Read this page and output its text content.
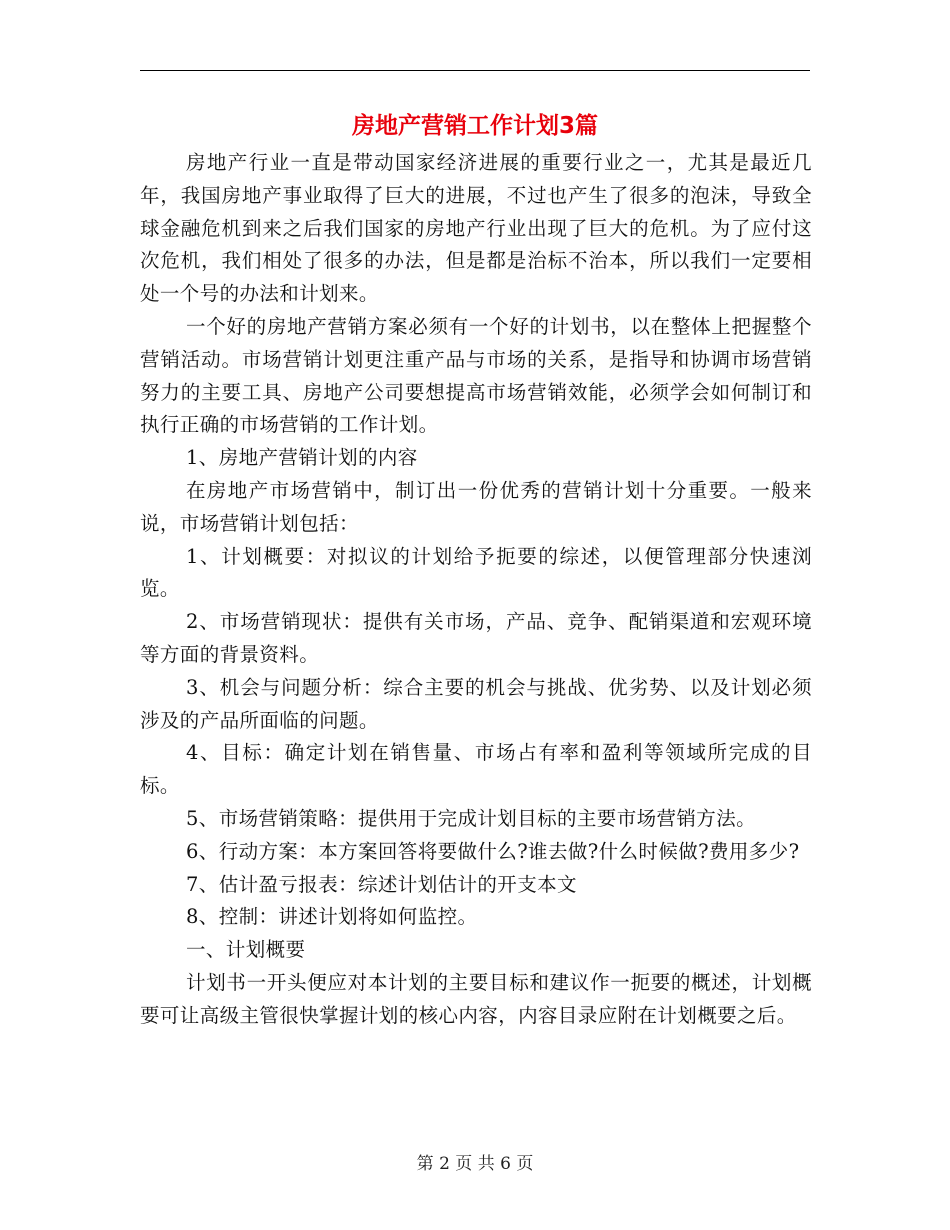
房地产营销工作计划3篇

房地产行业一直是带动国家经济进展的重要行业之一，尤其是最近几年，我国房地产事业取得了巨大的进展，不过也产生了很多的泡沫，导致全球金融危机到来之后我们国家的房地产行业出现了巨大的危机。为了应付这次危机，我们相处了很多的办法，但是都是治标不治本，所以我们一定要相处一个号的办法和计划来。

一个好的房地产营销方案必须有一个好的计划书，以在整体上把握整个营销活动。市场营销计划更注重产品与市场的关系，是指导和协调市场营销努力的主要工具、房地产公司要想提高市场营销效能，必须学会如何制订和执行正确的市场营销的工作计划。

1、房地产营销计划的内容

在房地产市场营销中，制订出一份优秀的营销计划十分重要。一般来说，市场营销计划包括：

1、计划概要：对拟议的计划给予扼要的综述，以便管理部分快速浏览。

2、市场营销现状：提供有关市场，产品、竞争、配销渠道和宏观环境等方面的背景资料。

3、机会与问题分析：综合主要的机会与挑战、优劣势、以及计划必须涉及的产品所面临的问题。

4、目标：确定计划在销售量、市场占有率和盈利等领域所完成的目标。

5、市场营销策略：提供用于完成计划目标的主要市场营销方法。

6、行动方案：本方案回答将要做什么?谁去做?什么时候做?费用多少?

7、估计盈亏报表：综述计划估计的开支本文

8、控制：讲述计划将如何监控。

一、计划概要

计划书一开头便应对本计划的主要目标和建议作一扼要的概述，计划概要可让高级主管很快掌握计划的核心内容，内容目录应附在计划概要之后。

第 2 页 共 6 页
